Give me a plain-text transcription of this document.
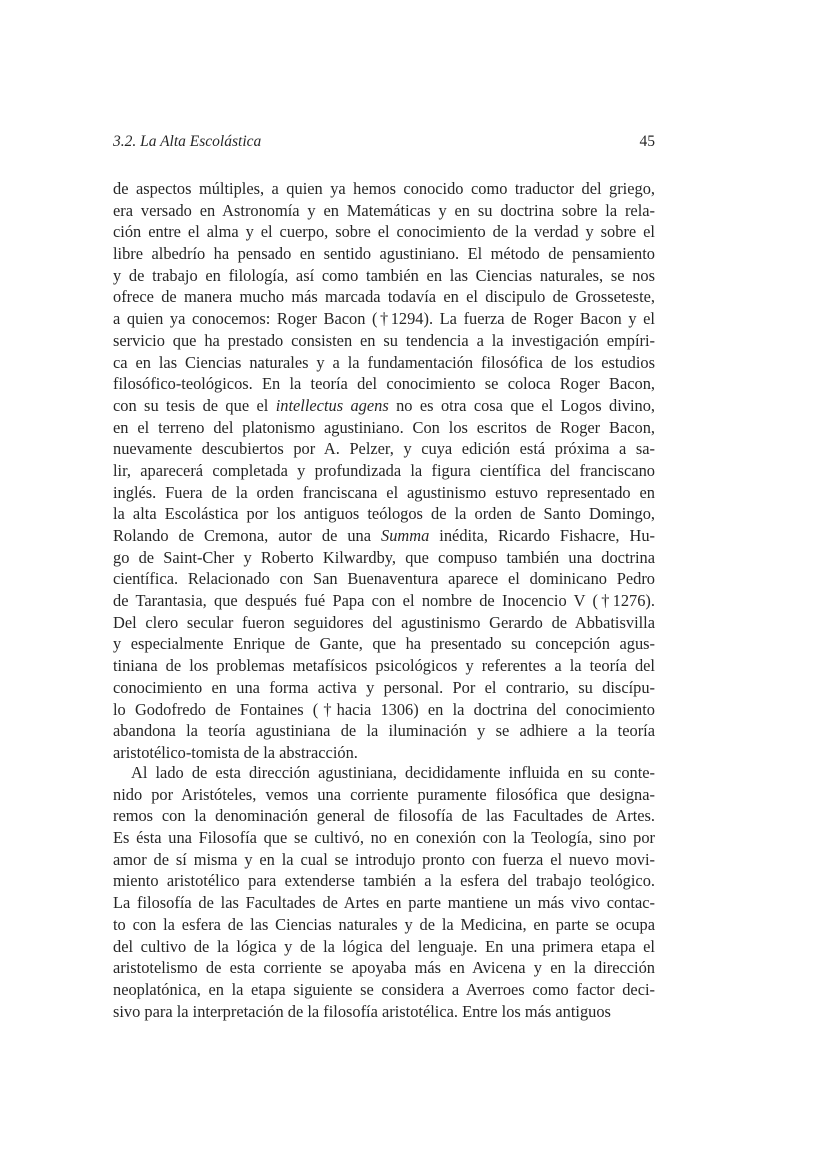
3.2. La Alta Escolástica	45
de aspectos múltiples, a quien ya hemos conocido como traductor del griego,
era versado en Astronomía y en Matemáticas y en su doctrina sobre la rela-
ción entre el alma y el cuerpo, sobre el conocimiento de la verdad y sobre el
libre albedrío ha pensado en sentido agustiniano. El método de pensamiento
y de trabajo en filología, así como también en las Ciencias naturales, se nos
ofrece de manera mucho más marcada todavía en el discipulo de Grosseteste,
a quien ya conocemos: Roger Bacon (†1294). La fuerza de Roger Bacon y el
servicio que ha prestado consisten en su tendencia a la investigación empíri-
ca en las Ciencias naturales y a la fundamentación filosófica de los estudios
filosófico-teológicos. En la teoría del conocimiento se coloca Roger Bacon,
con su tesis de que el intellectus agens no es otra cosa que el Logos divino,
en el terreno del platonismo agustiniano. Con los escritos de Roger Bacon,
nuevamente descubiertos por A. Pelzer, y cuya edición está próxima a sa-
lir, aparecerá completada y profundizada la figura científica del franciscano
inglés. Fuera de la orden franciscana el agustinismo estuvo representado en
la alta Escolástica por los antiguos teólogos de la orden de Santo Domingo,
Rolando de Cremona, autor de una Summa inédita, Ricardo Fishacre, Hu-
go de Saint-Cher y Roberto Kilwardby, que compuso también una doctrina
científica. Relacionado con San Buenaventura aparece el dominicano Pedro
de Tarantasia, que después fué Papa con el nombre de Inocencio V (†1276).
Del clero secular fueron seguidores del agustinismo Gerardo de Abbatisvilla
y especialmente Enrique de Gante, que ha presentado su concepción agus-
tiniana de los problemas metafísicos psicológicos y referentes a la teoría del
conocimiento en una forma activa y personal. Por el contrario, su discípu-
lo Godofredo de Fontaines (†hacia 1306) en la doctrina del conocimiento
abandona la teoría agustiniana de la iluminación y se adhiere a la teoría
aristotélico-tomista de la abstracción.
Al lado de esta dirección agustiniana, decididamente influida en su conte-
nido por Aristóteles, vemos una corriente puramente filosófica que designa-
remos con la denominación general de filosofía de las Facultades de Artes.
Es ésta una Filosofía que se cultivó, no en conexión con la Teología, sino por
amor de sí misma y en la cual se introdujo pronto con fuerza el nuevo movi-
miento aristotélico para extenderse también a la esfera del trabajo teológico.
La filosofía de las Facultades de Artes en parte mantiene un más vivo contac-
to con la esfera de las Ciencias naturales y de la Medicina, en parte se ocupa
del cultivo de la lógica y de la lógica del lenguaje. En una primera etapa el
aristotelismo de esta corriente se apoyaba más en Avicena y en la dirección
neoplatónica, en la etapa siguiente se considera a Averroes como factor deci-
sivo para la interpretación de la filosofía aristotélica. Entre los más antiguos
